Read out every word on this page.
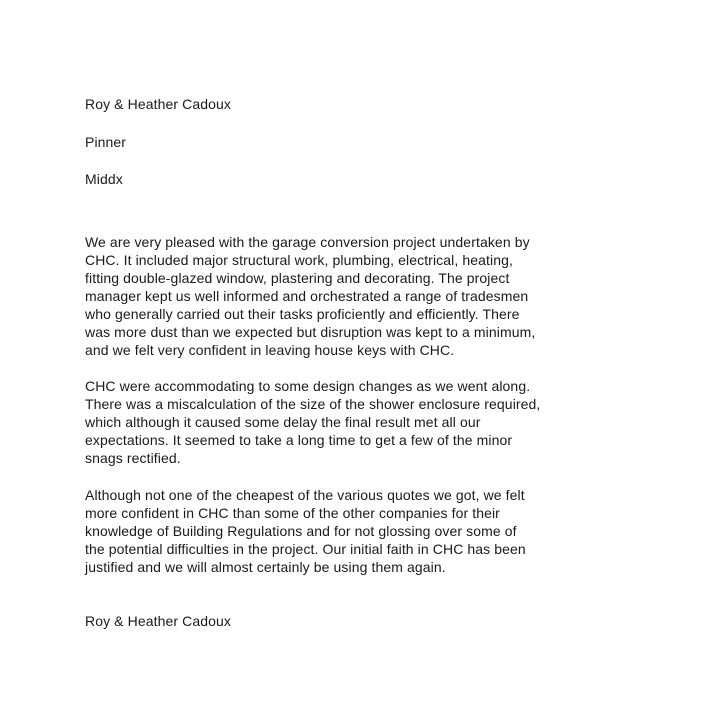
Roy & Heather Cadoux
Pinner
Middx
We are very pleased with the garage conversion project undertaken by
CHC. It included major structural work, plumbing, electrical, heating,
fitting double-glazed window, plastering and decorating. The project
manager kept us well informed and orchestrated a range of tradesmen
who generally carried out their tasks proficiently and efficiently. There
was more dust than we expected but disruption was kept to a minimum,
and we felt very confident in leaving house keys with CHC.
CHC were accommodating to some design changes as we went along.
There was a miscalculation of the size of the shower enclosure required,
which although it caused some delay the final result met all our
expectations. It seemed to take a long time to get a few of the minor
snags rectified.
Although not one of the cheapest of the various quotes we got, we felt
more confident in CHC than some of the other companies for their
knowledge of Building Regulations and for not glossing over some of
the potential difficulties in the project. Our initial faith in CHC has been
justified and we will almost certainly be using them again.
Roy & Heather Cadoux
